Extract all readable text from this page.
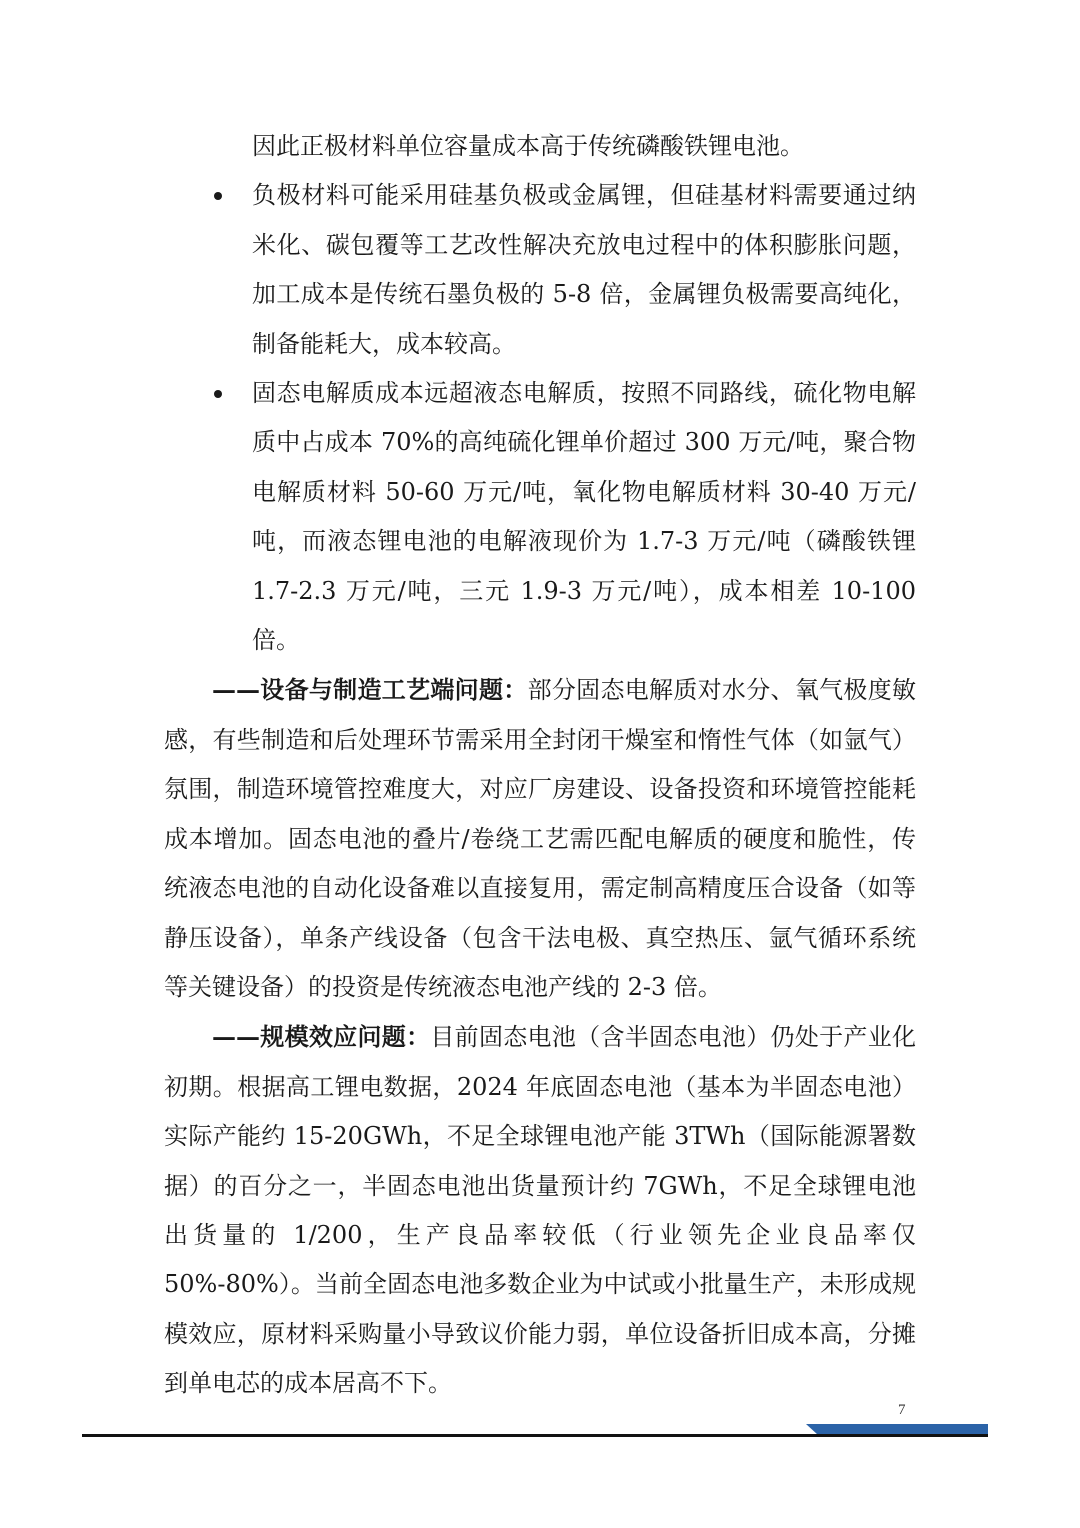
因此正极材料单位容量成本高于传统磷酸铁锂电池。

负极材料可能采用硅基负极或金属锂，但硅基材料需要通过纳米化、碳包覆等工艺改性解决充放电过程中的体积膨胀问题，加工成本是传统石墨负极的 5-8 倍，金属锂负极需要高纯化，制备能耗大，成本较高。
固态电解质成本远超液态电解质，按照不同路线，硫化物电解质中占成本 70%的高纯硫化锂单价超过 300 万元/吨，聚合物电解质材料 50-60 万元/吨，氧化物电解质材料 30-40 万元/吨，而液态锂电池的电解液现价为 1.7-3 万元/吨（磷酸铁锂 1.7-2.3 万元/吨，三元 1.9-3 万元/吨），成本相差 10-100 倍。

——设备与制造工艺端问题：部分固态电解质对水分、氧气极度敏感，有些制造和后处理环节需采用全封闭干燥室和惰性气体（如氩气）氛围，制造环境管控难度大，对应厂房建设、设备投资和环境管控能耗成本增加。固态电池的叠片/卷绕工艺需匹配电解质的硬度和脆性，传统液态电池的自动化设备难以直接复用，需定制高精度压合设备（如等静压设备），单条产线设备（包含干法电极、真空热压、氩气循环系统等关键设备）的投资是传统液态电池产线的 2-3 倍。

——规模效应问题：目前固态电池（含半固态电池）仍处于产业化初期。根据高工锂电数据，2024 年底固态电池（基本为半固态电池）实际产能约 15-20GWh，不足全球锂电池产能 3TWh（国际能源署数据）的百分之一，半固态电池出货量预计约 7GWh，不足全球锂电池出货量的 1/200，生产良品率较低（行业领先企业良品率仅 50%-80%）。当前全固态电池多数企业为中试或小批量生产，未形成规模效应，原材料采购量小导致议价能力弱，单位设备折旧成本高，分摊到单电芯的成本居高不下。

7
